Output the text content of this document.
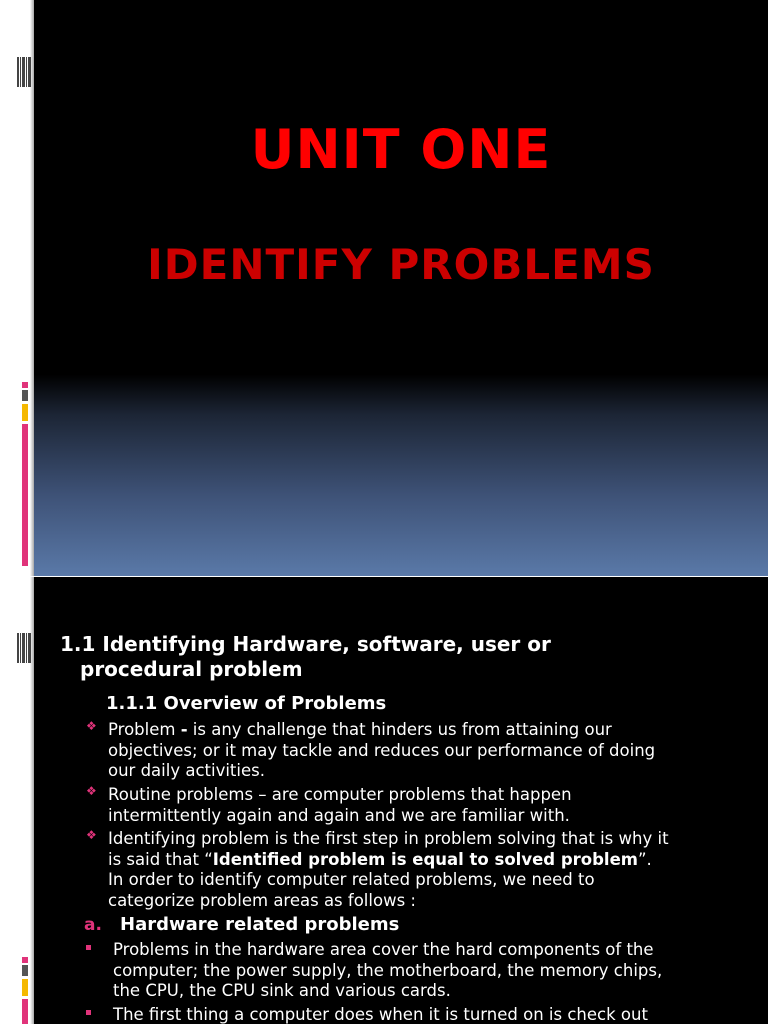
UNIT ONE
IDENTIFY PROBLEMS
1.1 Identifying Hardware, software, user or
procedural problem
1.1.1 Overview of Problems
❖ Problem - is any challenge that hinders us from attaining our
objectives; or it may tackle and reduces our performance of doing
our daily activities.
❖ Routine problems – are computer problems that happen
intermittently again and again and we are familiar with.
❖ Identifying problem is the first step in problem solving that is why it
is said that “Identified problem is equal to solved problem”.
In order to identify computer related problems, we need to
categorize problem areas as follows :
a. Hardware related problems
Problems in the hardware area cover the hard components of the
computer; the power supply, the motherboard, the memory chips,
the CPU, the CPU sink and various cards.
The first thing a computer does when it is turned on is check out
